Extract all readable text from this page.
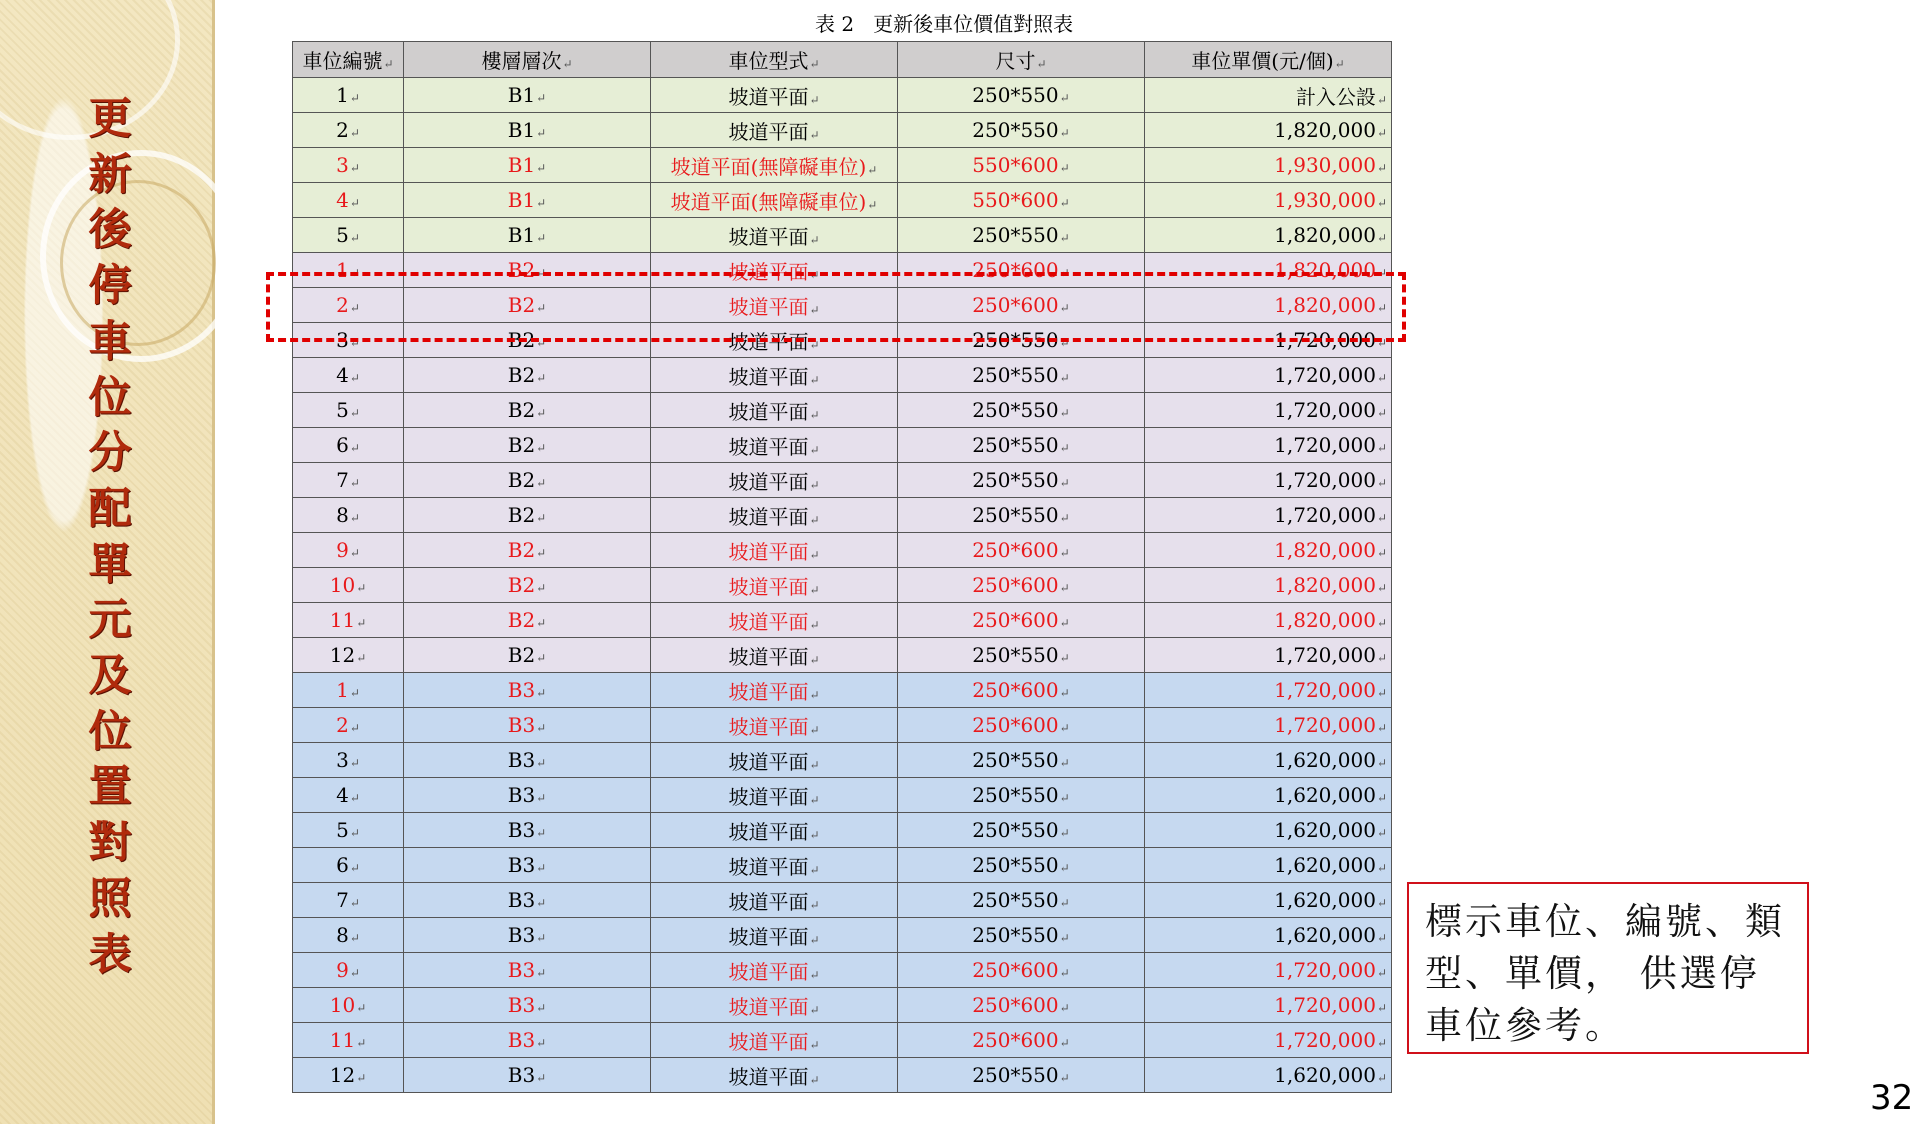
更
新
後
停
車
位
分
配
單
元
及
位
置
對
照
表
表 2   更新後車位價值對照表
車位編號 ↵	樓層層次 ↵	車位型式 ↵	尺寸 ↵	車位單價(元/個) ↵
1 ↵	B1 ↵	坡道平面 ↵	250*550 ↵	計入公設 ↵
2 ↵	B1 ↵	坡道平面 ↵	250*550 ↵	1,820,000 ↵
3 ↵	B1 ↵	坡道平面(無障礙車位) ↵	550*600 ↵	1,930,000 ↵
4 ↵	B1 ↵	坡道平面(無障礙車位) ↵	550*600 ↵	1,930,000 ↵
5 ↵	B1 ↵	坡道平面 ↵	250*550 ↵	1,820,000 ↵
1 ↵	B2 ↵	坡道平面 ↵	250*600 ↵	1,820,000 ↵
2 ↵	B2 ↵	坡道平面 ↵	250*600 ↵	1,820,000 ↵
3 ↵	B2 ↵	坡道平面 ↵	250*550 ↵	1,720,000 ↵
4 ↵	B2 ↵	坡道平面 ↵	250*550 ↵	1,720,000 ↵
5 ↵	B2 ↵	坡道平面 ↵	250*550 ↵	1,720,000 ↵
6 ↵	B2 ↵	坡道平面 ↵	250*550 ↵	1,720,000 ↵
7 ↵	B2 ↵	坡道平面 ↵	250*550 ↵	1,720,000 ↵
8 ↵	B2 ↵	坡道平面 ↵	250*550 ↵	1,720,000 ↵
9 ↵	B2 ↵	坡道平面 ↵	250*600 ↵	1,820,000 ↵
10 ↵	B2 ↵	坡道平面 ↵	250*600 ↵	1,820,000 ↵
11 ↵	B2 ↵	坡道平面 ↵	250*600 ↵	1,820,000 ↵
12 ↵	B2 ↵	坡道平面 ↵	250*550 ↵	1,720,000 ↵
1 ↵	B3 ↵	坡道平面 ↵	250*600 ↵	1,720,000 ↵
2 ↵	B3 ↵	坡道平面 ↵	250*600 ↵	1,720,000 ↵
3 ↵	B3 ↵	坡道平面 ↵	250*550 ↵	1,620,000 ↵
4 ↵	B3 ↵	坡道平面 ↵	250*550 ↵	1,620,000 ↵
5 ↵	B3 ↵	坡道平面 ↵	250*550 ↵	1,620,000 ↵
6 ↵	B3 ↵	坡道平面 ↵	250*550 ↵	1,620,000 ↵
7 ↵	B3 ↵	坡道平面 ↵	250*550 ↵	1,620,000 ↵
8 ↵	B3 ↵	坡道平面 ↵	250*550 ↵	1,620,000 ↵
9 ↵	B3 ↵	坡道平面 ↵	250*600 ↵	1,720,000 ↵
10 ↵	B3 ↵	坡道平面 ↵	250*600 ↵	1,720,000 ↵
11 ↵	B3 ↵	坡道平面 ↵	250*600 ↵	1,720,000 ↵
12 ↵	B3 ↵	坡道平面 ↵	250*550 ↵	1,620,000 ↵
標示車位、編號、類型、單價， 供選停車位參考。
32
